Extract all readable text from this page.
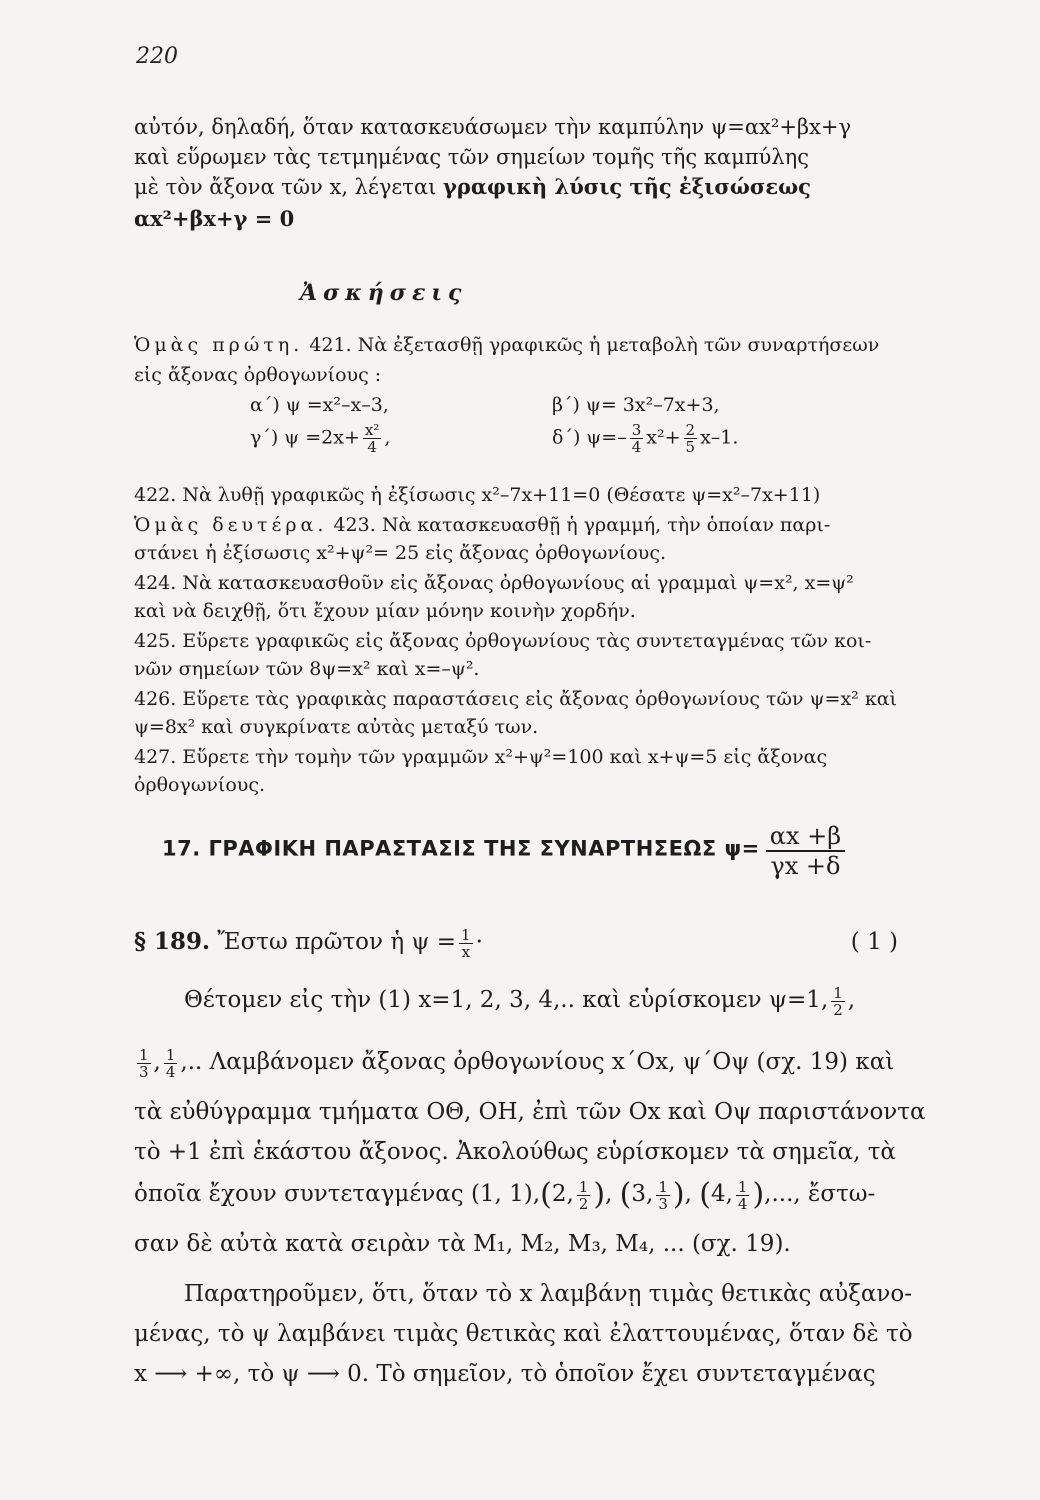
220
αὐτόν, δηλαδή, ὅταν κατασκευάσωμεν τὴν καμπύλην ψ=αx²+βx+γ
καὶ εὕρωμεν τὰς τετμημένας τῶν σημείων τομῆς τῆς καμπύλης
μὲ τὸν ἄξονα τῶν x, λέγεται γραφικὴ λύσις τῆς ἐξισώσεως
αx²+βx+γ = 0
Ἀσκήσεις
Ὁμὰς πρώτη. 421. Νὰ ἐξετασθῇ γραφικῶς ἡ μεταβολὴ τῶν συναρτήσεων
εἰς ἄξονας ὀρθογωνίους :
α΄) ψ =x²–x–3,	β΄) ψ= 3x²–7x+3,
γ΄) $\psi =2x+ \frac{\text{x²}}{4}$ ,	δ΄) $\psi=- \frac{3}{4} x^2+ \frac{2}{5} x-1$.
422. Νὰ λυθῇ γραφικῶς ἡ ἐξίσωσις x²–7x+11=0 (Θέσατε ψ=x²–7x+11)
Ὁμὰς δευτέρα. 423. Νὰ κατασκευασθῇ ἡ γραμμή, τὴν ὁποίαν παρι-
στάνει ἡ ἐξίσωσις x²+ψ²= 25 εἰς ἄξονας ὀρθογωνίους.
424. Νὰ κατασκευασθοῦν εἰς ἄξονας ὀρθογωνίους αἱ γραμμαὶ ψ=x², x=ψ²
καὶ νὰ δειχθῇ, ὅτι ἔχουν μίαν μόνην κοινὴν χορδήν.
425. Εὕρετε γραφικῶς εἰς ἄξονας ὀρθογωνίους τὰς συντεταγμένας τῶν κοι-
νῶν σημείων τῶν 8ψ=x² καὶ x=–ψ².
426. Εὕρετε τὰς γραφικὰς παραστάσεις εἰς ἄξονας ὀρθογωνίους τῶν ψ=x² καὶ
ψ=8x² καὶ συγκρίνατε αὐτὰς μεταξύ των.
427. Εὕρετε τὴν τομὴν τῶν γραμμῶν x²+ψ²=100 καὶ x+ψ=5 εἰς ἄξονας
ὀρθογωνίους.
17. ΓΡΑΦΙΚΗ ΠΑΡΑΣΤΑΣΙΣ ΤΗΣ ΣΥΝΑΡΤΗΣΕΩΣ $\psi= \frac{\alpha x +\beta}{\gamma x +\delta}$
§ 189. Ἔστω πρῶτον ἡ $\psi = \frac{1}{x}$ ·	( 1 )
Θέτομεν εἰς τὴν (1) x=1, 2, 3, 4,.. καὶ εὑρίσκομεν ψ=1, $\frac{1}{2}$ ,
$\frac{1}{3}$ , $\frac{1}{4}$ ,.. Λαμβάνομεν ἄξονας ὀρθογωνίους x΄Ox, ψ΄Oψ (σχ. 19) καὶ
τὰ εὐθύγραμμα τμήματα OΘ, OH, ἐπὶ τῶν Ox καὶ Oψ παριστάνοντα
τὸ +1 ἐπὶ ἑκάστου ἄξονος. Ἀκολούθως εὑρίσκομεν τὰ σημεῖα, τὰ
ὁποῖα ἔχουν συντεταγμένας (1, 1),(2, $\frac{1}{2}$ ), (3, $\frac{1}{3}$ ), (4, $\frac{1}{4}$ ),..., ἔστω-
σαν δὲ αὐτὰ κατὰ σειρὰν τὰ M₁, M₂, M₃, M₄, ... (σχ. 19).
Παρατηροῦμεν, ὅτι, ὅταν τὸ x λαμβάνῃ τιμὰς θετικὰς αὐξανο-
μένας, τὸ ψ λαμβάνει τιμὰς θετικὰς καὶ ἐλαττουμένας, ὅταν δὲ τὸ
x ⟶ +∞, τὸ ψ ⟶ 0. Τὸ σημεῖον, τὸ ὁποῖον ἔχει συντεταγμένας
